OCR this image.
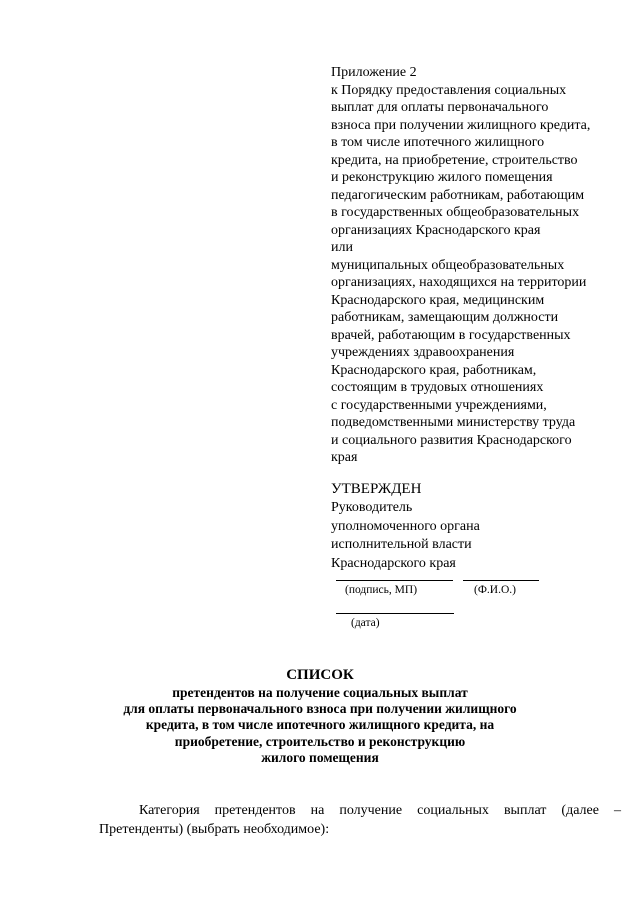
Приложение 2
к Порядку предоставления социальных
выплат для оплаты первоначального
взноса при получении жилищного кредита,
в том числе ипотечного жилищного
кредита, на приобретение, строительство
и реконструкцию жилого помещения
педагогическим работникам, работающим
в государственных общеобразовательных
организациях Краснодарского края
или
муниципальных общеобразовательных
организациях, находящихся на территории
Краснодарского края, медицинским
работникам, замещающим должности
врачей, работающим в государственных
учреждениях здравоохранения
Краснодарского края, работникам,
состоящим в трудовых отношениях
с государственными учреждениями,
подведомственными министерству труда
и социального развития Краснодарского
края
УТВЕРЖДЕН
Руководитель
уполномоченного органа
исполнительной власти
Краснодарского края
(подпись, МП)	(Ф.И.О.)
(дата)
СПИСОК
претендентов на получение социальных выплат
для оплаты первоначального взноса при получении жилищного
кредита, в том числе ипотечного жилищного кредита, на
приобретение, строительство и реконструкцию
жилого помещения
Категория претендентов на получение социальных выплат (далее –
Претенденты) (выбрать необходимое):
